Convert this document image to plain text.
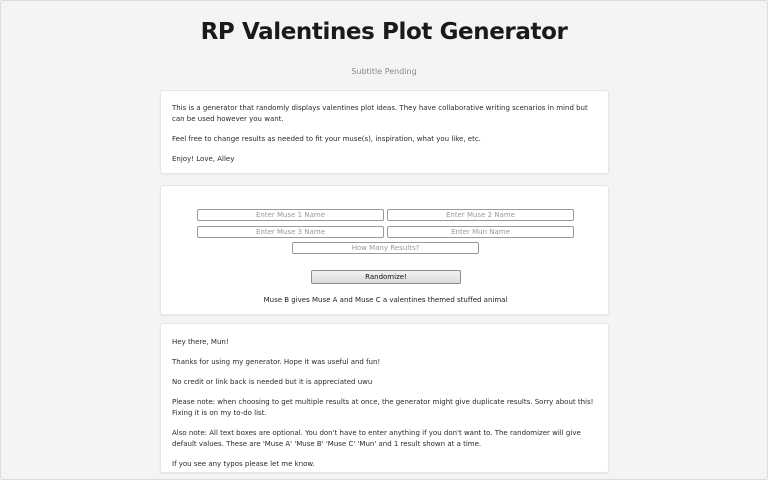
RP Valentines Plot Generator
Subtitle Pending

This is a generator that randomly displays valentines plot ideas. They have collaborative writing scenarios in mind but can be used however you want.

Feel free to change results as needed to fit your muse(s), inspiration, what you like, etc.

Enjoy! Love, Alley

Enter Muse 1 Name
Enter Muse 2 Name
Enter Muse 3 Name
Enter Mun Name
How Many Results?
Randomize!
Muse B gives Muse A and Muse C a valentines themed stuffed animal

Hey there, Mun!

Thanks for using my generator. Hope it was useful and fun!

No credit or link back is needed but it is appreciated uwu

Please note: when choosing to get multiple results at once, the generator might give duplicate results. Sorry about this! Fixing it is on my to-do list.

Also note: All text boxes are optional. You don't have to enter anything if you don't want to. The randomizer will give default values. These are 'Muse A' 'Muse B' 'Muse C' 'Mun' and 1 result shown at a time.

If you see any typos please let me know.
